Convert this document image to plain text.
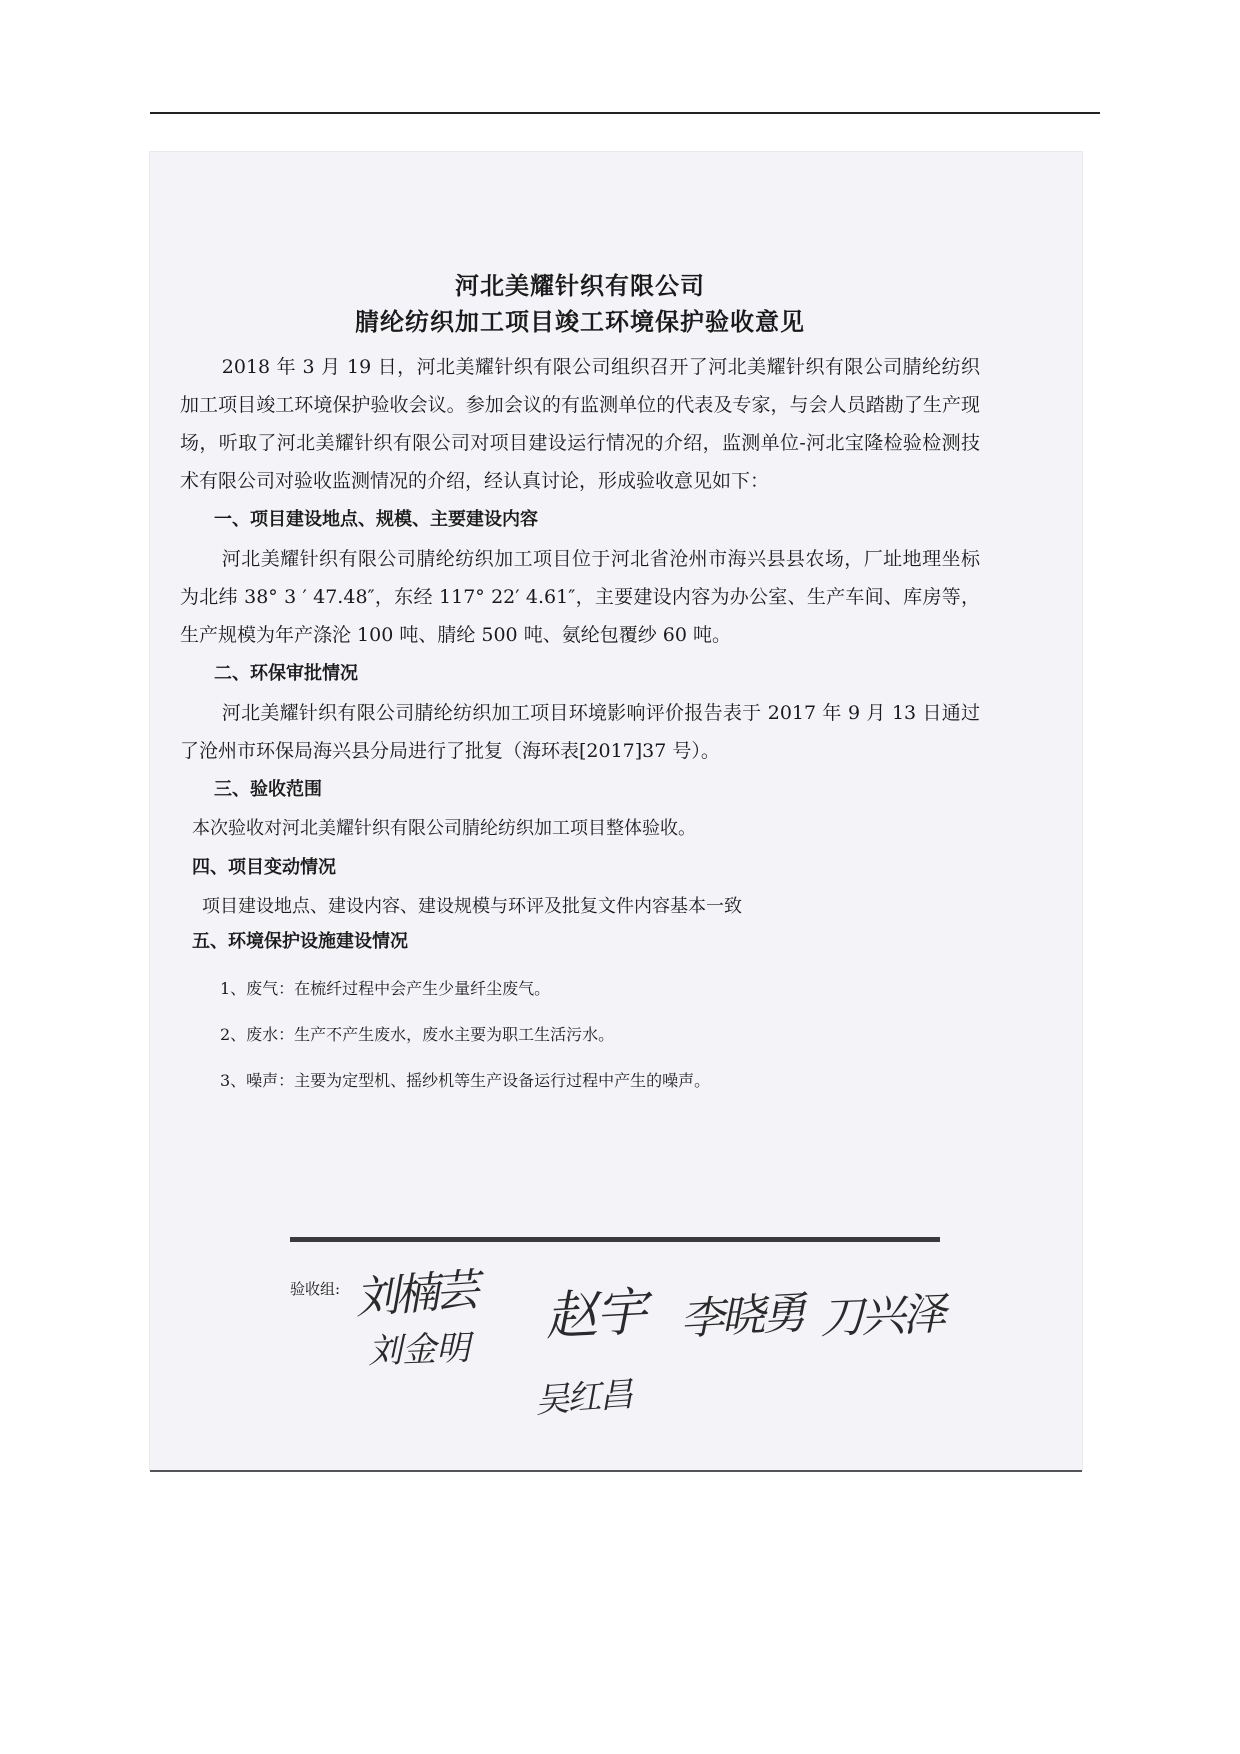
河北美耀针织有限公司

腈纶纺织加工项目竣工环境保护验收意见

2018 年 3 月 19 日，河北美耀针织有限公司组织召开了河北美耀针织有限公司腈纶纺织加工项目竣工环境保护验收会议。参加会议的有监测单位的代表及专家，与会人员踏勘了生产现场，听取了河北美耀针织有限公司对项目建设运行情况的介绍，监测单位-河北宝隆检验检测技术有限公司对验收监测情况的介绍，经认真讨论，形成验收意见如下：

一、项目建设地点、规模、主要建设内容

河北美耀针织有限公司腈纶纺织加工项目位于河北省沧州市海兴县县农场，厂址地理坐标为北纬 38° 3 ′ 47.48″，东经 117° 22′ 4.61″，主要建设内容为办公室、生产车间、库房等，生产规模为年产涤沦 100 吨、腈纶 500 吨、氨纶包覆纱 60 吨。

二、环保审批情况

河北美耀针织有限公司腈纶纺织加工项目环境影响评价报告表于 2017 年 9 月 13 日通过了沧州市环保局海兴县分局进行了批复（海环表[2017]37 号）。

三、验收范围

本次验收对河北美耀针织有限公司腈纶纺织加工项目整体验收。

四、项目变动情况

项目建设地点、建设内容、建设规模与环评及批复文件内容基本一致

五、环境保护设施建设情况

1、废气：在梳纤过程中会产生少量纤尘废气。

2、废水：生产不产生废水，废水主要为职工生活污水。

3、噪声：主要为定型机、摇纱机等生产设备运行过程中产生的噪声。

验收组: 刘楠芸
刘金明
赵宇 李晓勇 刀兴泽
吴红昌
